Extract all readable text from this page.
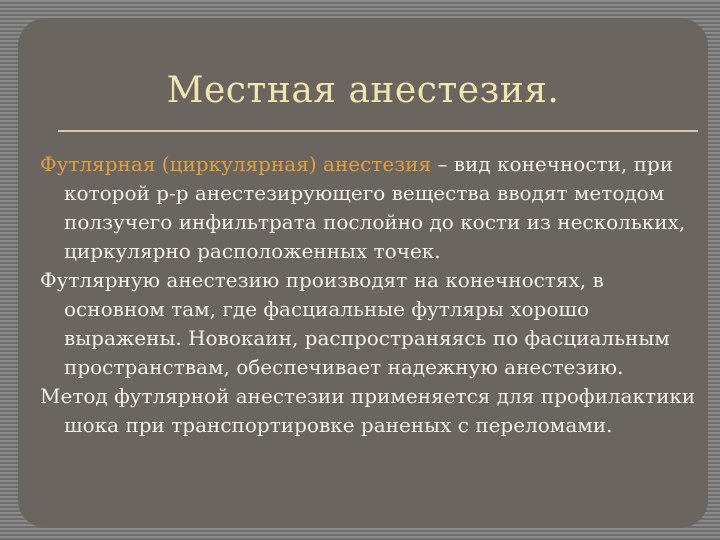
Местная анестезия.

Футлярная (циркулярная) анестезия – вид конечности, при которой р-р анестезирующего вещества вводят методом ползучего инфильтрата послойно до кости из нескольких, циркулярно расположенных точек.

Футлярную анестезию производят на конечностях, в основном там, где фасциальные футляры хорошо выражены. Новокаин, распространяясь по фасциальным пространствам, обеспечивает надежную анестезию.

Метод футлярной анестезии применяется для профилактики шока при транспортировке раненых с переломами.
